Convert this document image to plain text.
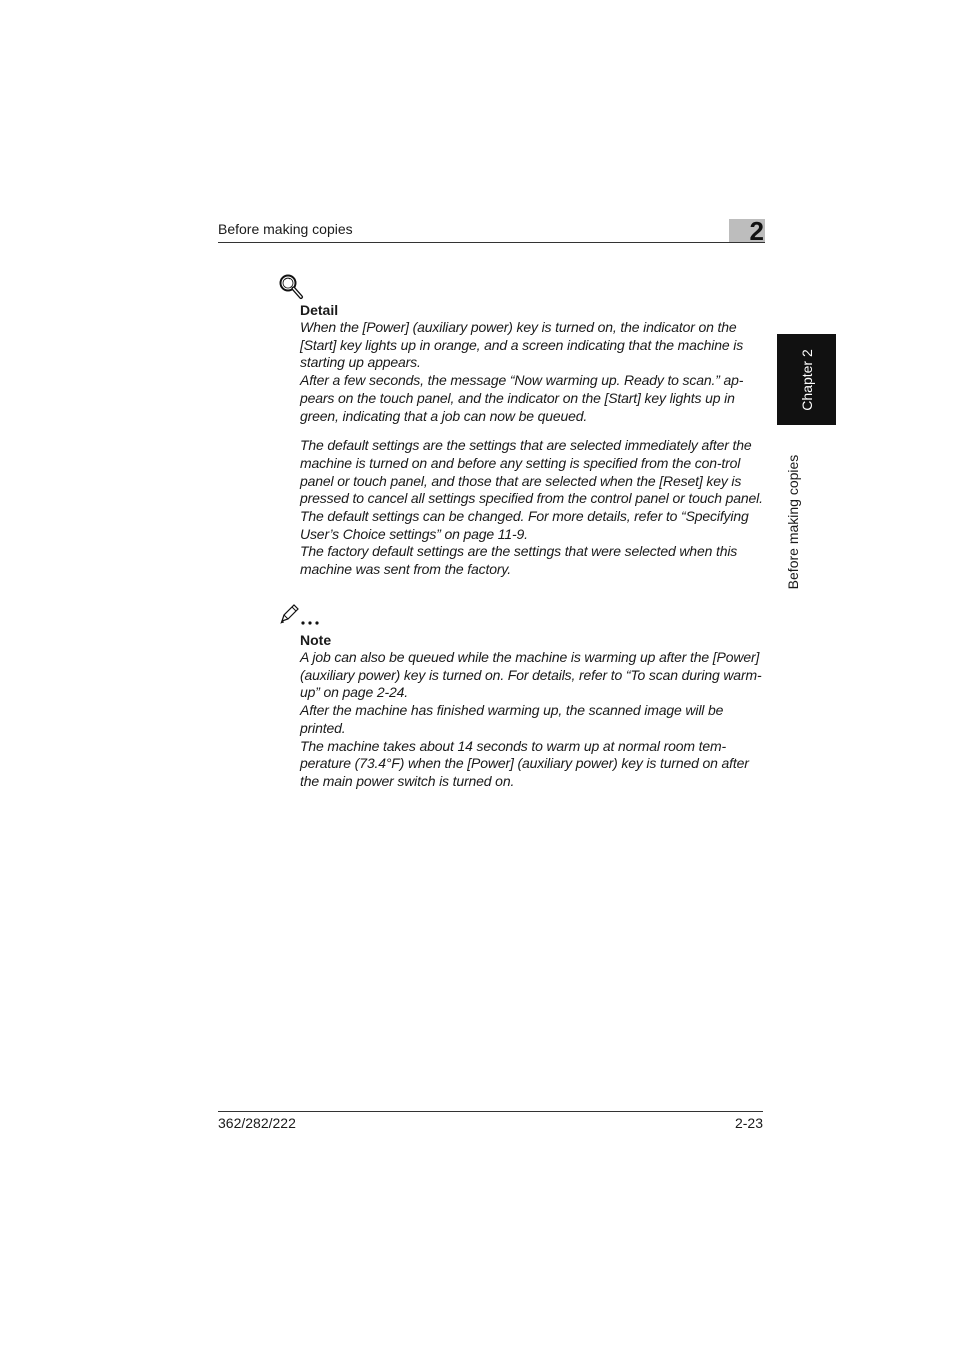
Before making copies	2
Chapter 2
Before making copies

Detail

When the [Power] (auxiliary power) key is turned on, the indicator on the [Start] key lights up in orange, and a screen indicating that the machine is starting up appears.

After a few seconds, the message “Now warming up. Ready to scan.” ap-pears on the touch panel, and the indicator on the [Start] key lights up in green, indicating that a job can now be queued.

The default settings are the settings that are selected immediately after the machine is turned on and before any setting is specified from the con-trol panel or touch panel, and those that are selected when the [Reset] key is pressed to cancel all settings specified from the control panel or touch panel. The default settings can be changed. For more details, refer to “Specifying User’s Choice settings” on page 11-9.

The factory default settings are the settings that were selected when this machine was sent from the factory.

Note

A job can also be queued while the machine is warming up after the [Power] (auxiliary power) key is turned on. For details, refer to “To scan during warm-up” on page 2-24.

After the machine has finished warming up, the scanned image will be printed.

The machine takes about 14 seconds to warm up at normal room tem-perature (73.4°F) when the [Power] (auxiliary power) key is turned on after the main power switch is turned on.

362/282/222	2-23
